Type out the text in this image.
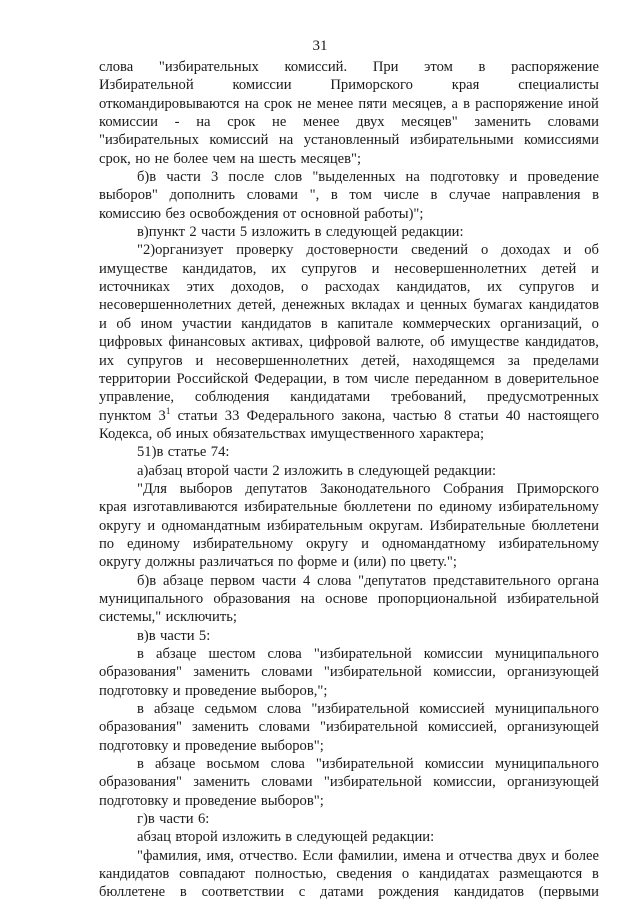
31
слова "избирательных комиссий. При этом в распоряжение
Избирательной	комиссии	Приморского	края	специалисты
откомандировываются на срок не менее пяти месяцев, а в распоряжение иной
комиссии - на срок не менее двух месяцев" заменить словами
"избирательных комиссий на установленный избирательными комиссиями
срок, но не более чем на шесть месяцев";
б)в части 3 после слов "выделенных на подготовку и проведение
выборов" дополнить словами ", в том числе в случае направления в
комиссию без освобождения от основной работы)";
в)пункт 2 части 5 изложить в следующей редакции:
"2)организует проверку достоверности сведений о доходах и об
имуществе кандидатов, их супругов и несовершеннолетних детей и
источниках этих доходов, о расходах кандидатов, их супругов и
несовершеннолетних детей, денежных вкладах и ценных бумагах кандидатов
и об ином участии кандидатов в капитале коммерческих организаций, о
цифровых финансовых активах, цифровой валюте, об имуществе кандидатов,
их супругов и несовершеннолетних детей, находящемся за пределами
территории Российской Федерации, в том числе переданном в доверительное
управление, соблюдения кандидатами требований, предусмотренных
пунктом $3^1$ статьи 33 Федерального закона, частью 8 статьи 40 настоящего
Кодекса, об иных обязательствах имущественного характера;
51)в статье 74:
а)абзац второй части 2 изложить в следующей редакции:
"Для выборов депутатов Законодательного Собрания Приморского
края изготавливаются избирательные бюллетени по единому избирательному
округу и одномандатным избирательным округам. Избирательные бюллетени
по единому избирательному округу и одномандатному избирательному
округу должны различаться по форме и (или) по цвету.";
б)в абзаце первом части 4 слова "депутатов представительного органа
муниципального образования на основе пропорциональной избирательной
системы," исключить;
в)в части 5:
в абзаце шестом слова "избирательной комиссии муниципального
образования" заменить словами "избирательной комиссии, организующей
подготовку и проведение выборов,";
в абзаце седьмом слова "избирательной комиссией муниципального
образования" заменить словами "избирательной комиссией, организующей
подготовку и проведение выборов";
в абзаце восьмом слова "избирательной комиссии муниципального
образования" заменить словами "избирательной комиссии, организующей
подготовку и проведение выборов";
г)в части 6:
абзац второй изложить в следующей редакции:
"фамилия, имя, отчество. Если фамилии, имена и отчества двух и более
кандидатов совпадают полностью, сведения о кандидатах размещаются в
бюллетене в соответствии с датами рождения кандидатов (первыми
